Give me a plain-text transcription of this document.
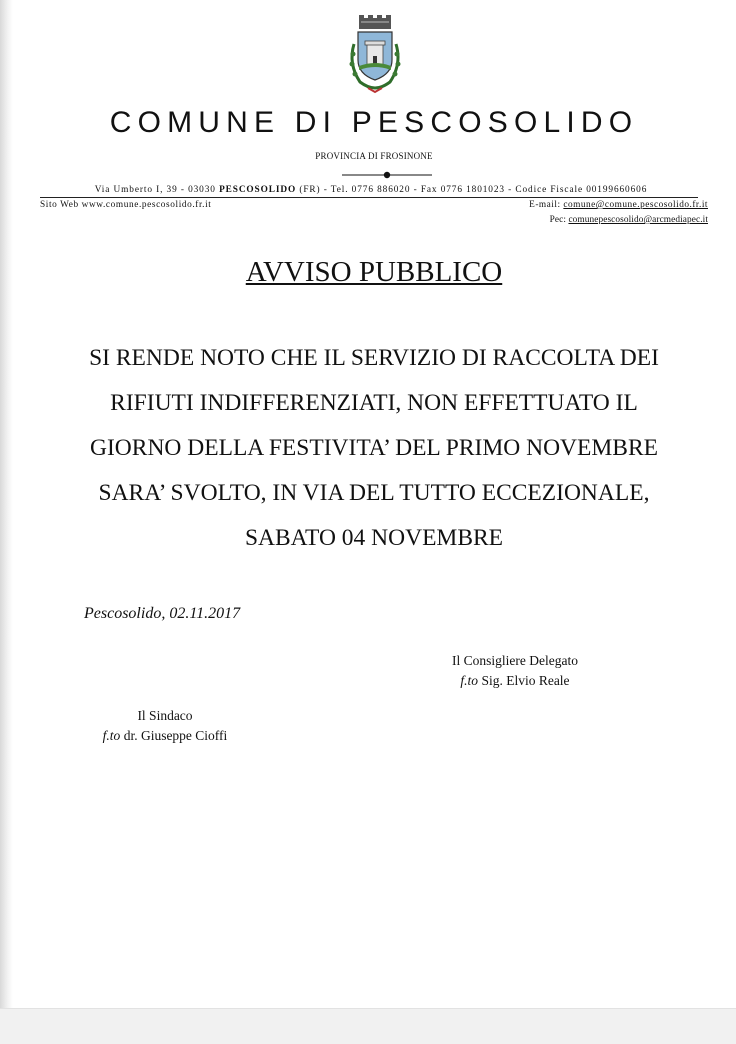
COMUNE DI PESCOSOLIDO
PROVINCIA DI FROSINONE
Via Umberto I, 39 - 03030 PESCOSOLIDO (FR) - Tel. 0776 886020 - Fax 0776 1801023 - Codice Fiscale 00199660606
Sito Web www.comune.pescosolido.fr.it	E-mail: comune@comune.pescosolido.fr.it
Pec: comunepescosolido@arcmediapec.it
AVVISO PUBBLICO
SI RENDE NOTO CHE IL SERVIZIO DI RACCOLTA DEI
RIFIUTI INDIFFERENZIATI, NON EFFETTUATO IL
GIORNO DELLA FESTIVITA’ DEL PRIMO NOVEMBRE
SARA’ SVOLTO, IN VIA DEL TUTTO ECCEZIONALE,
SABATO 04 NOVEMBRE
Pescosolido, 02.11.2017
Il Consigliere Delegato
f.to Sig. Elvio Reale
Il Sindaco
f.to dr. Giuseppe Cioffi
